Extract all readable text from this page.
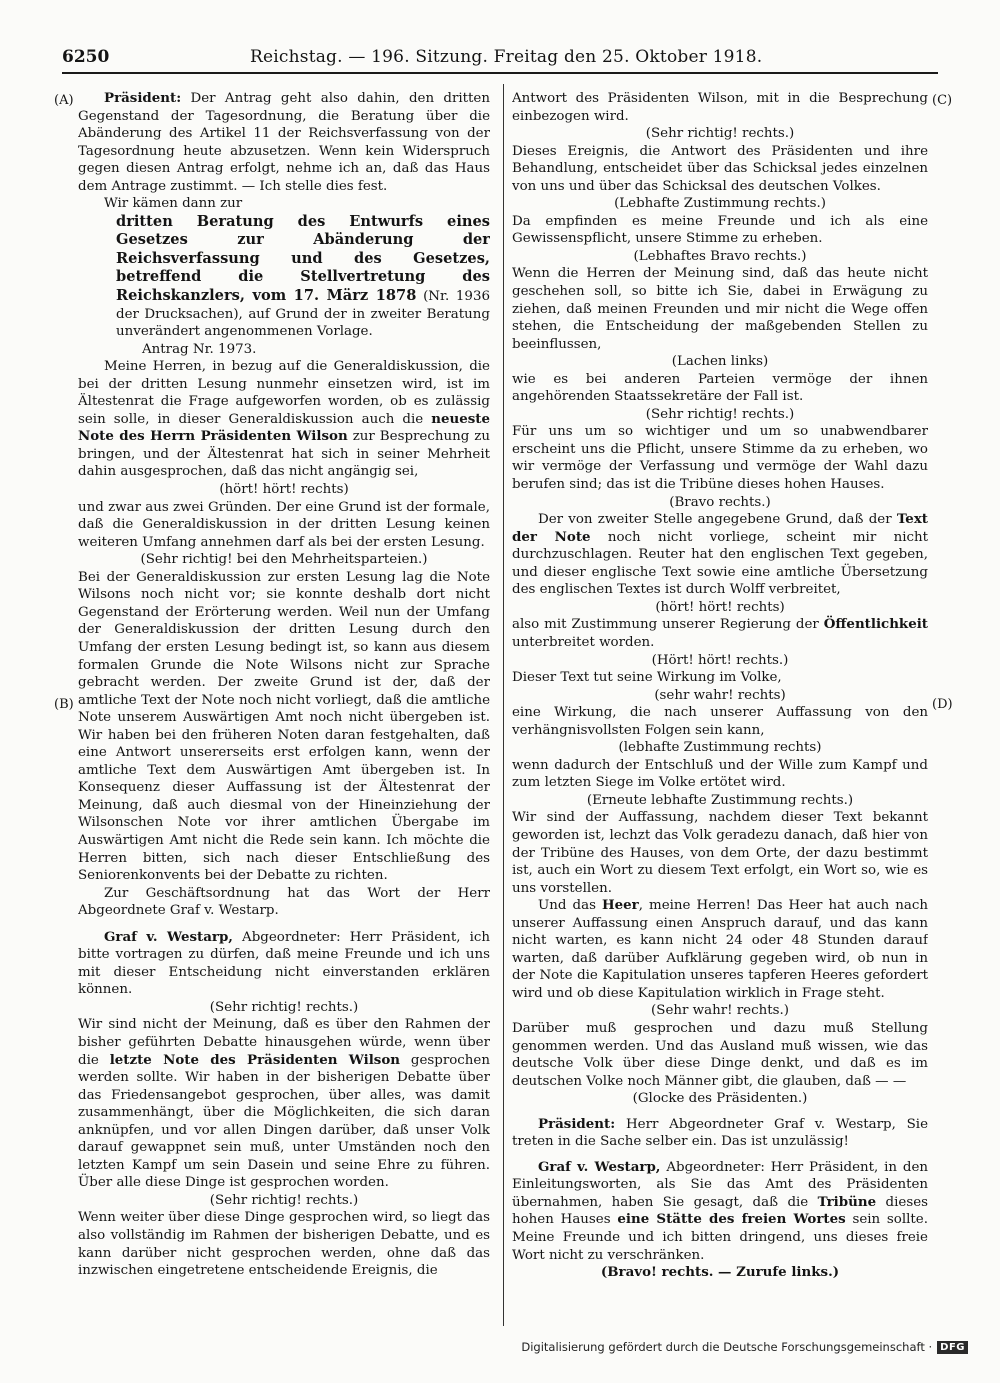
6250	Reichstag. — 196. Sitzung. Freitag den 25. Oktober 1918.
(A)
(B)
(C)
(D)

Präsident: Der Antrag geht also dahin, den dritten Gegenstand der Tagesordnung, die Beratung über die Abänderung des Artikel 11 der Reichsverfassung von der Tagesordnung heute abzusetzen. Wenn kein Widerspruch gegen diesen Antrag erfolgt, nehme ich an, daß das Haus dem Antrage zustimmt. — Ich stelle dies fest.

Wir kämen dann zur

dritten Beratung des Entwurfs eines Gesetzes zur Abänderung der Reichsverfassung und des Gesetzes, betreffend die Stellvertretung des Reichskanzlers, vom 17. März 1878 (Nr. 1936 der Drucksachen), auf Grund der in zweiter Beratung unverändert angenommenen Vorlage.

Antrag Nr. 1973.

Meine Herren, in bezug auf die Generaldiskussion, die bei der dritten Lesung nunmehr einsetzen wird, ist im Ältestenrat die Frage aufgeworfen worden, ob es zulässig sein solle, in dieser Generaldiskussion auch die neueste Note des Herrn Präsidenten Wilson zur Besprechung zu bringen, und der Ältestenrat hat sich in seiner Mehrheit dahin ausgesprochen, daß das nicht angängig sei,

(hört! hört! rechts)

und zwar aus zwei Gründen. Der eine Grund ist der formale, daß die Generaldiskussion in der dritten Lesung keinen weiteren Umfang annehmen darf als bei der ersten Lesung.

(Sehr richtig! bei den Mehrheitsparteien.)

Bei der Generaldiskussion zur ersten Lesung lag die Note Wilsons noch nicht vor; sie konnte deshalb dort nicht Gegenstand der Erörterung werden. Weil nun der Umfang der Generaldiskussion der dritten Lesung durch den Umfang der ersten Lesung bedingt ist, so kann aus diesem formalen Grunde die Note Wilsons nicht zur Sprache gebracht werden. Der zweite Grund ist der, daß der amtliche Text der Note noch nicht vorliegt, daß die amtliche Note unserem Auswärtigen Amt noch nicht übergeben ist. Wir haben bei den früheren Noten daran festgehalten, daß eine Antwort unsererseits erst erfolgen kann, wenn der amtliche Text dem Auswärtigen Amt übergeben ist. In Konsequenz dieser Auffassung ist der Ältestenrat der Meinung, daß auch diesmal von der Hineinziehung der Wilsonschen Note vor ihrer amtlichen Übergabe im Auswärtigen Amt nicht die Rede sein kann. Ich möchte die Herren bitten, sich nach dieser Entschließung des Seniorenkonvents bei der Debatte zu richten.

Zur Geschäftsordnung hat das Wort der Herr Abgeordnete Graf v. Westarp.

Graf v. Westarp, Abgeordneter: Herr Präsident, ich bitte vortragen zu dürfen, daß meine Freunde und ich uns mit dieser Entscheidung nicht einverstanden erklären können.

(Sehr richtig! rechts.)

Wir sind nicht der Meinung, daß es über den Rahmen der bisher geführten Debatte hinausgehen würde, wenn über die letzte Note des Präsidenten Wilson gesprochen werden sollte. Wir haben in der bisherigen Debatte über das Friedensangebot gesprochen, über alles, was damit zusammenhängt, über die Möglichkeiten, die sich daran anknüpfen, und vor allen Dingen darüber, daß unser Volk darauf gewappnet sein muß, unter Umständen noch den letzten Kampf um sein Dasein und seine Ehre zu führen. Über alle diese Dinge ist gesprochen worden.

(Sehr richtig! rechts.)

Wenn weiter über diese Dinge gesprochen wird, so liegt das also vollständig im Rahmen der bisherigen Debatte, und es kann darüber nicht gesprochen werden, ohne daß das inzwischen eingetretene entscheidende Ereignis, die

Antwort des Präsidenten Wilson, mit in die Besprechung einbezogen wird.

(Sehr richtig! rechts.)

Dieses Ereignis, die Antwort des Präsidenten und ihre Behandlung, entscheidet über das Schicksal jedes einzelnen von uns und über das Schicksal des deutschen Volkes.

(Lebhafte Zustimmung rechts.)

Da empfinden es meine Freunde und ich als eine Gewissenspflicht, unsere Stimme zu erheben.

(Lebhaftes Bravo rechts.)

Wenn die Herren der Meinung sind, daß das heute nicht geschehen soll, so bitte ich Sie, dabei in Erwägung zu ziehen, daß meinen Freunden und mir nicht die Wege offen stehen, die Entscheidung der maßgebenden Stellen zu beeinflussen,

(Lachen links)

wie es bei anderen Parteien vermöge der ihnen angehörenden Staatssekretäre der Fall ist.

(Sehr richtig! rechts.)

Für uns um so wichtiger und um so unabwendbarer erscheint uns die Pflicht, unsere Stimme da zu erheben, wo wir vermöge der Verfassung und vermöge der Wahl dazu berufen sind; das ist die Tribüne dieses hohen Hauses.

(Bravo rechts.)

Der von zweiter Stelle angegebene Grund, daß der Text der Note noch nicht vorliege, scheint mir nicht durchzuschlagen. Reuter hat den englischen Text gegeben, und dieser englische Text sowie eine amtliche Übersetzung des englischen Textes ist durch Wolff verbreitet,

(hört! hört! rechts)

also mit Zustimmung unserer Regierung der Öffentlichkeit unterbreitet worden.

(Hört! hört! rechts.)

Dieser Text tut seine Wirkung im Volke,

(sehr wahr! rechts)

eine Wirkung, die nach unserer Auffassung von den verhängnisvollsten Folgen sein kann,

(lebhafte Zustimmung rechts)

wenn dadurch der Entschluß und der Wille zum Kampf und zum letzten Siege im Volke ertötet wird.

(Erneute lebhafte Zustimmung rechts.)

Wir sind der Auffassung, nachdem dieser Text bekannt geworden ist, lechzt das Volk geradezu danach, daß hier von der Tribüne des Hauses, von dem Orte, der dazu bestimmt ist, auch ein Wort zu diesem Text erfolgt, ein Wort so, wie es uns vorstellen.

Und das Heer, meine Herren! Das Heer hat auch nach unserer Auffassung einen Anspruch darauf, und das kann nicht warten, es kann nicht 24 oder 48 Stunden darauf warten, daß darüber Aufklärung gegeben wird, ob nun in der Note die Kapitulation unseres tapferen Heeres gefordert wird und ob diese Kapitulation wirklich in Frage steht.

(Sehr wahr! rechts.)

Darüber muß gesprochen und dazu muß Stellung genommen werden. Und das Ausland muß wissen, wie das deutsche Volk über diese Dinge denkt, und daß es im deutschen Volke noch Männer gibt, die glauben, daß — —

(Glocke des Präsidenten.)

Präsident: Herr Abgeordneter Graf v. Westarp, Sie treten in die Sache selber ein. Das ist unzulässig!

Graf v. Westarp, Abgeordneter: Herr Präsident, in den Einleitungsworten, als Sie das Amt des Präsidenten übernahmen, haben Sie gesagt, daß die Tribüne dieses hohen Hauses eine Stätte des freien Wortes sein sollte. Meine Freunde und ich bitten dringend, uns dieses freie Wort nicht zu verschränken.

(Bravo! rechts. — Zurufe links.)

Digitalisierung gefördert durch die Deutsche Forschungsgemeinschaft · DFG
